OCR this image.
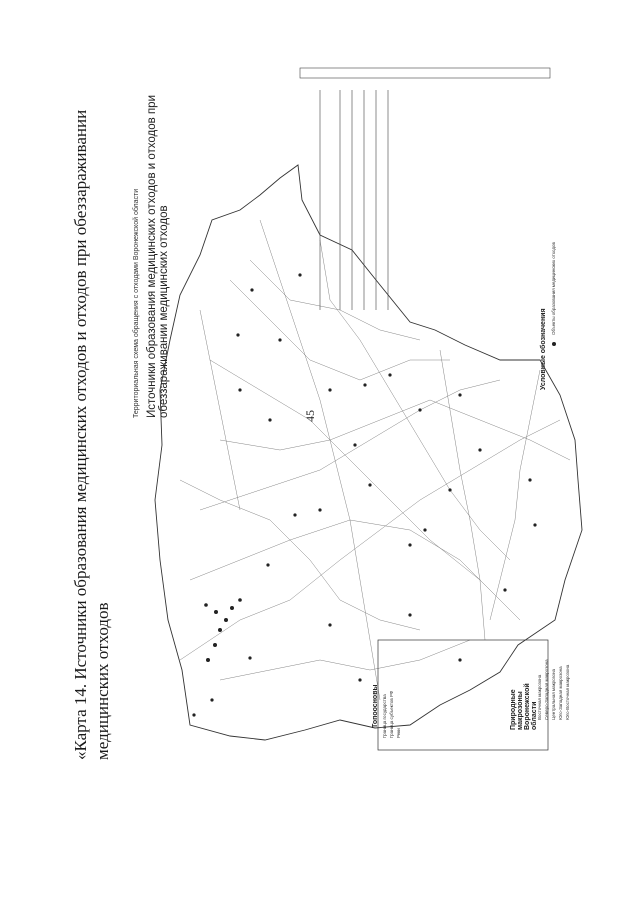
45
«Карта 14. Источники образования медицинских отходов и отходов при обеззараживании медицинских отходов
Территориальная схема обращения с отходами Воронежской области Источники образования медицинских отходов и отходов при обеззараживании медицинских отходов
Топоосновы Граница государства Граница субъектов РФ Реки
Природные макрозоны Воронежской области Восточная макрозона Северо-Западная макрозона Центральная макрозона Юго-Западная макрозона Юго-Восточная макрозона
Условные обозначения
Объекты образования медицинских отходов
